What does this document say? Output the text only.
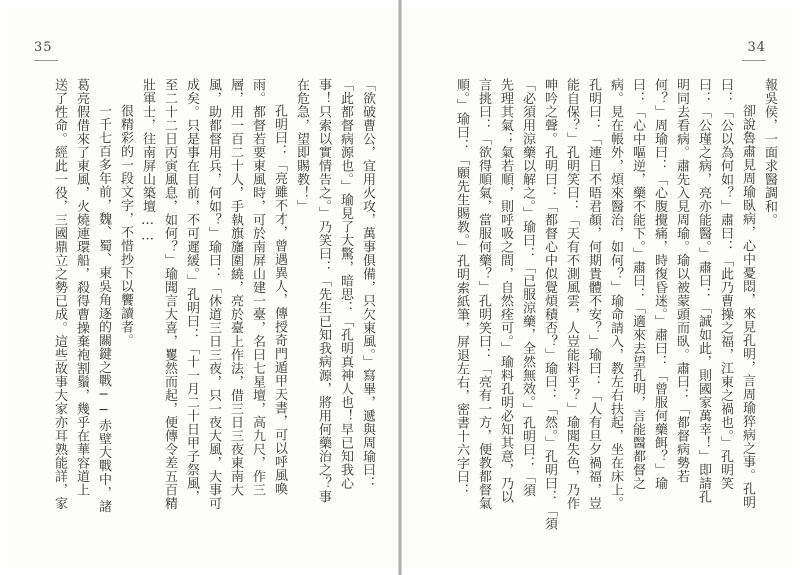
35
「欲破曹公，宜用火攻，萬事俱備，只欠東風。」寫畢，遞與周瑜曰：
「此都督病源也。」瑜見了大驚，暗思：「孔明真神人也！早已知我心
事！只索以實情告之。」乃笑曰：「先生已知我病源，將用何藥治之？事
在危急，望即賜教！」
孔明曰：「亮雖不才，曾遇異人，傳授奇門遁甲天書，可以呼風喚
雨。都督若要東風時，可於南屏山建一臺，名曰七星壇，高九尺，作三
層，用一百二十人，手執旗旛圍繞，亮於臺上作法，借三日三夜東南大
風，助都督用兵，何如？」瑜曰：「休道三日三夜，只一夜大風，大事可
成矣。只是事在目前，不可遲緩。」孔明曰：「十一月二十日甲子祭風，
至二十二日丙寅風息，如何？」瑜聞言大喜，矍然而起，便傳令差五百精
壯軍士，往南屏山築壇……
很精彩的一段文字，不惜抄下以饗讀者。
一千七百多年前，魏、蜀、東吳角逐的關鍵之戰──赤壁大戰中，諸
葛亮假借來了東風，火燒連環船，殺得曹操棄袍割鬚，幾乎在華容道上
送了性命。經此一役，三國鼎立之勢已成。這些故事大家亦耳熟能詳，家
34
報吳侯，一面求醫調和。
卻說魯肅見周瑜臥病，心中憂悶，來見孔明，言周瑜猝病之事。孔明
曰：「公以為何如？」肅曰：「此乃曹操之福，江東之禍也。」孔明笑
曰：「公瑾之病，亮亦能醫。」肅曰：「誠如此，則國家萬幸！」即請孔
明同去看病。肅先入見周瑜。瑜以被蒙頭而臥。肅曰：「都督病勢若
何？」周瑜曰：「心腹攪痛，時復昏迷。」肅曰：「曾服何藥餌？」瑜
曰：「心中嘔逆，藥不能下。」肅曰：「適來去望孔明，言能醫都督之
病。見在帳外，煩來醫治，如何？」瑜命請入，教左右扶起，坐在床上。
孔明曰：「連日不晤君顏，何期貴體不安？」瑜曰：「人有旦夕禍福，豈
能自保？」孔明笑曰：「天有不測風雲，人豈能料乎？」瑜聞失色，乃作
呻吟之聲。孔明曰：「都督心中似覺煩積否？」瑜曰：「然。」孔明曰：「須
「必須用涼藥以解之。」瑜曰：「已服涼藥，全然無效。」孔明曰：「須
先理其氣；氣若順，則呼吸之間，自然痊可。」瑜料孔明必知其意，乃以
言挑曰：「欲得順氣，當服何藥？」孔明笑曰：「亮有一方，便教都督氣
順。」瑜曰：「願先生賜教。」孔明索紙筆，屏退左右，密書十六字曰：
